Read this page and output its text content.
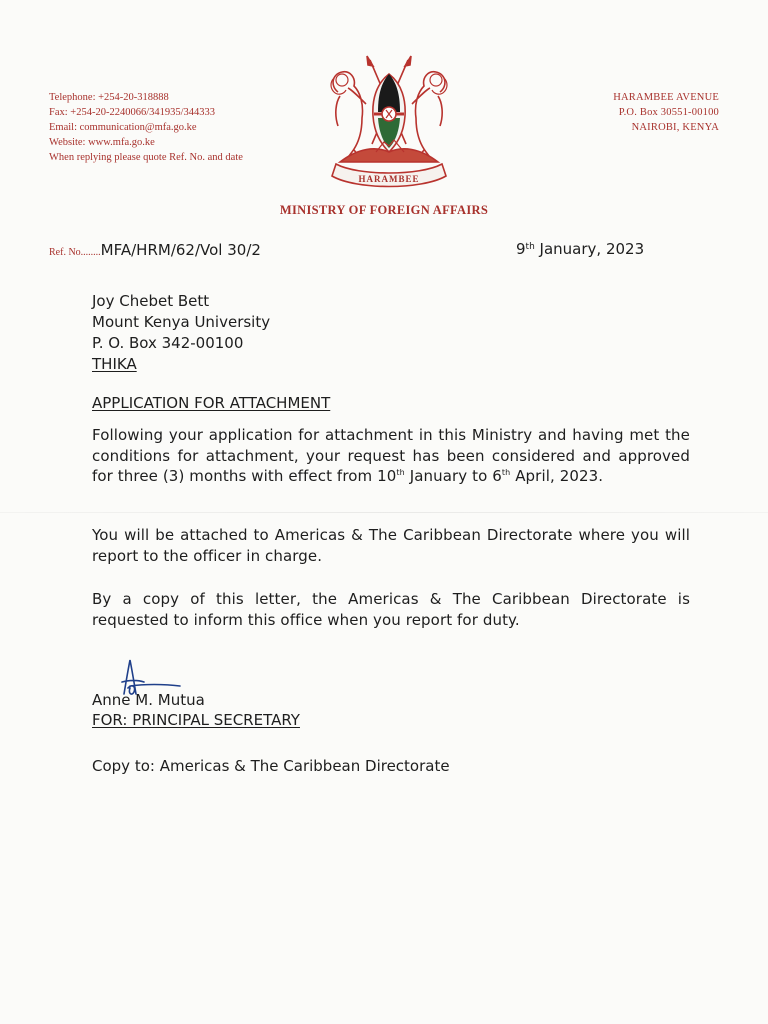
Telephone: +254-20-318888
Fax: +254-20-2240066/341935/344333
Email: communication@mfa.go.ke
Website: www.mfa.go.ke
When replying please quote Ref. No. and date
HARAMBEE
HARAMBEE AVENUE
P.O. Box 30551-00100
NAIROBI, KENYA
MINISTRY OF FOREIGN AFFAIRS
Ref. No........MFA/HRM/62/Vol 30/2	9th January, 2023
Joy Chebet Bett
Mount Kenya University
P. O. Box 342-00100
THIKA
APPLICATION FOR ATTACHMENT
Following your application for attachment in this Ministry and having met the conditions for attachment, your request has been considered and approved for three (3) months with effect from 10th January to 6th April, 2023.
You will be attached to Americas & The Caribbean Directorate where you will report to the officer in charge.
By a copy of this letter, the Americas & The Caribbean Directorate is requested to inform this office when you report for duty.
Anne M. Mutua
FOR: PRINCIPAL SECRETARY
Copy to: Americas & The Caribbean Directorate
